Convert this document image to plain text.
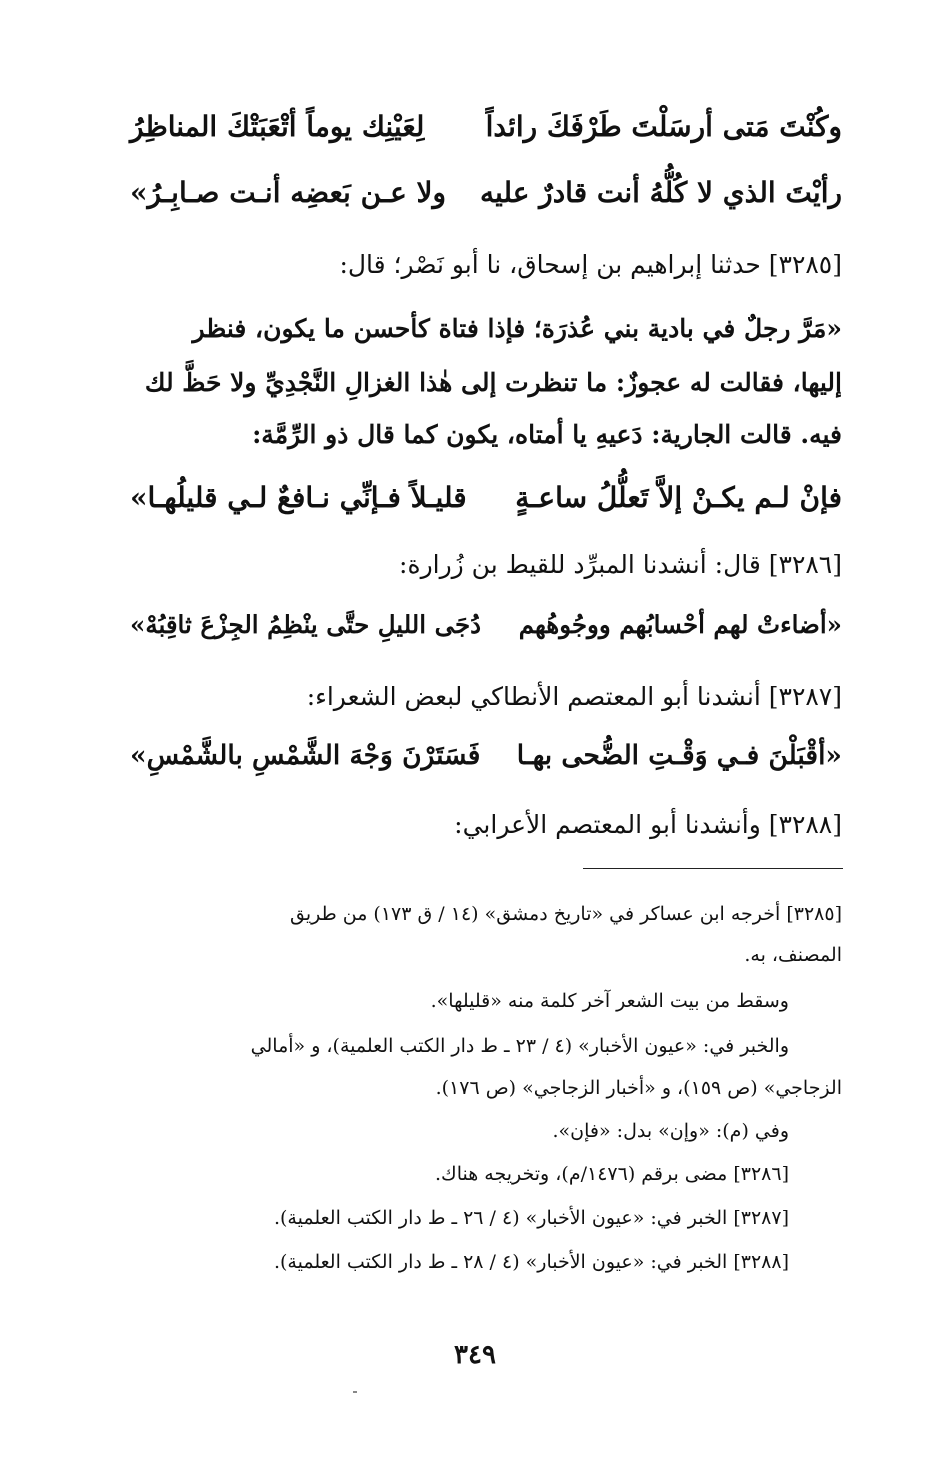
وكُنْتَ مَتى أرسَلْتَ طَرْفَكَ رائداً
لِعَيْنِك يوماً أتْعَبَتْكَ المناظِرُ
رأيْتَ الذي لا كُلُّهُ أنت قادرٌ عليه
ولا عـن بَعضِه أنـت صـابِـرُ»
[٣٢٨٥] حدثنا إبراهيم بن إسحاق، نا أبو نَصْر؛ قال:
«مَرَّ رجلٌ في بادية بني عُذرَة؛ فإذا فتاة كأحسن ما يكون، فنظر
إليها، فقالت له عجوزٌ: ما تنظرت إلى هٰذا الغزالِ النَّجْدِيِّ ولا حَظَّ لك
فيه. قالت الجارية: دَعيهِ يا أمتاه، يكون كما قال ذو الرِّمَّة:
فإنْ لـم يكـنْ إلاَّ تَعلُّلُ ساعـةٍ
قليـلاً فـإنِّي نـافعٌ لـي قليلُهـا»
[٣٢٨٦] قال: أنشدنا المبرِّد للقيط بن زُرارة:
«أضاءتْ لهم أحْسابُهم ووجُوهُهم
دُجَى الليلِ حتَّى ينْظِمُ الجِزْعَ ثاقِبُهْ»
[٣٢٨٧] أنشدنا أبو المعتصم الأنطاكي لبعض الشعراء:
«أقْبَلْنَ فـي وَقْـتِ الضُّحى بهـا
فَسَتَرْنَ وَجْهَ الشَّمْسِ بالشَّمْسِ»
[٣٢٨٨] وأنشدنا أبو المعتصم الأعرابي:
[٣٢٨٥] أخرجه ابن عساكر في «تاريخ دمشق» (١٤ / ق ١٧٣) من طريق
المصنف، به.
وسقط من بيت الشعر آخر كلمة منه «قليلها».
والخبر في: «عيون الأخبار» (٤ / ٢٣ ـ ط دار الكتب العلمية)، و «أمالي
الزجاجي» (ص ١٥٩)، و «أخبار الزجاجي» (ص ١٧٦).
وفي (م): «وإن» بدل: «فإن».
[٣٢٨٦] مضى برقم (١٤٧٦/م)، وتخريجه هناك.
[٣٢٨٧] الخبر في: «عيون الأخبار» (٤ / ٢٦ ـ ط دار الكتب العلمية).
[٣٢٨٨] الخبر في: «عيون الأخبار» (٤ / ٢٨ ـ ط دار الكتب العلمية).
٣٤٩
